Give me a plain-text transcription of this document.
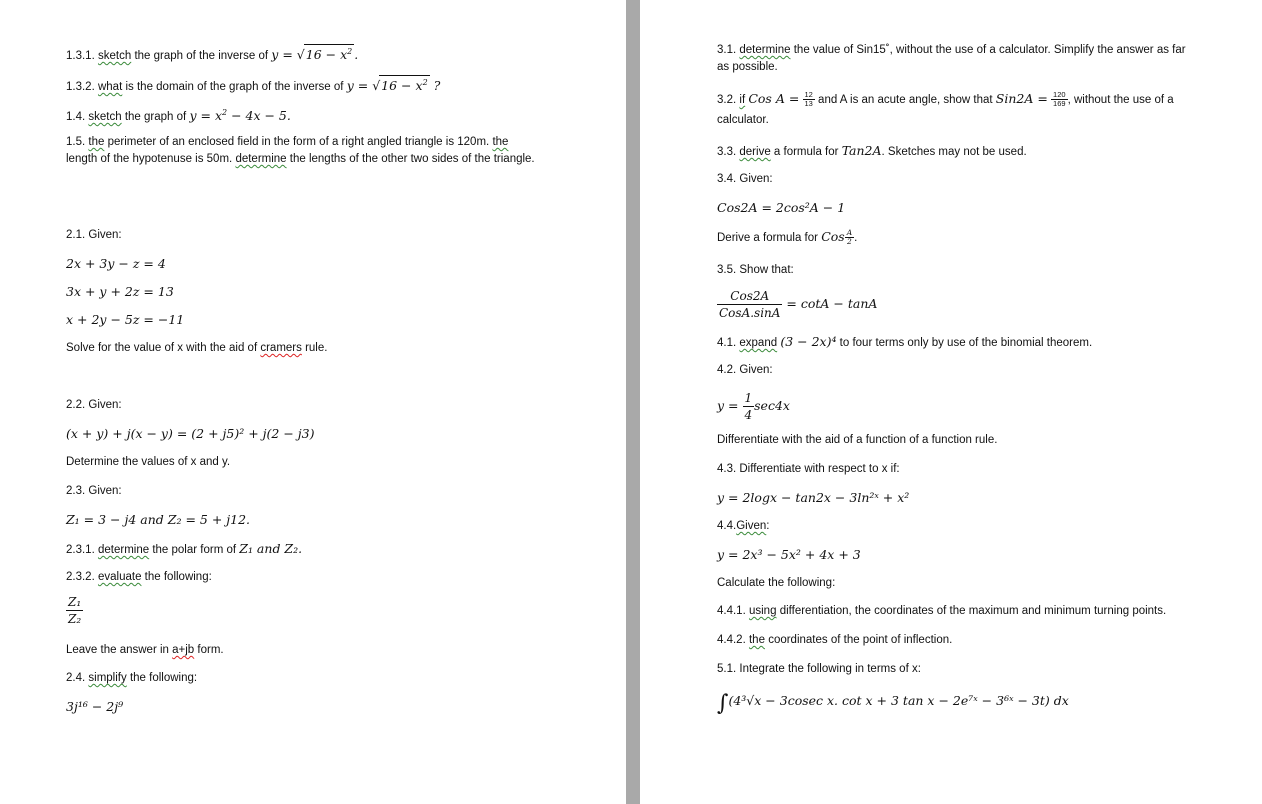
1.3.1. sketch the graph of the inverse of $y = √16 - x^2$ .
1.3.2. what is the domain of the graph of the inverse of $y = √16 - x^2$ ?
1.4. sketch the graph of $y = x^2 - 4x - 5$.
1.5. the perimeter of an enclosed field in the form of a right angled triangle is 120m. the
length of the hypotenuse is 50m. determine the lengths of the other two sides of the triangle.
2.1. Given:
2x + 3y − z = 4
3x + y + 2z = 13
x + 2y − 5z = −11
Solve for the value of x with the aid of cramers rule.
2.2. Given:
(x + y) + j(x − y) = (2 + j5)² + j(2 − j3)
Determine the values of x and y.
2.3. Given:
Z₁ = 3 − j4 and Z₂ = 5 + j12.
2.3.1. determine the polar form of Z₁ and Z₂.
2.3.2. evaluate the following:
$\frac{\text{Z₁}}{\text{Z₂}}$
Leave the answer in a+jb form.
2.4. simplify the following:
3j¹⁶ − 2j⁹
3.1. determine the value of Sin15˚, without the use of a calculator. Simplify the answer as far as possible.
3.2. if Cos $A = \frac{12}{13}$ and A is an acute angle, show that $Sin2A = \frac{120}{169}$ , without the use of a
calculator.
3.3. derive a formula for Tan2A. Sketches may not be used.
3.4. Given:
Cos2A = 2cos²A − 1
Derive a formula for Cos $\frac{A}{2}$ .
3.5. Show that:
$\frac{\text{Cos2A}}{\text{CosA.sinA}} = \cot A - \tan A$
4.1. expand (3 − 2x)⁴ to four terms only by use of the binomial theorem.
4.2. Given:
$y = \frac{1}{4} \sec 4x$
Differentiate with the aid of a function of a function rule.
4.3. Differentiate with respect to x if:
y = 2logx − tan2x − 3ln²ˣ + x²
4.4.Given:
y = 2x³ − 5x² + 4x + 3
Calculate the following:
4.4.1. using differentiation, the coordinates of the maximum and minimum turning points.
4.4.2. the coordinates of the point of inflection.
5.1. Integrate the following in terms of x:
∫(4³√x − 3cosec x. cot x + 3 tan x − 2e⁷ˣ − 3⁶ˣ − 3t) dx
